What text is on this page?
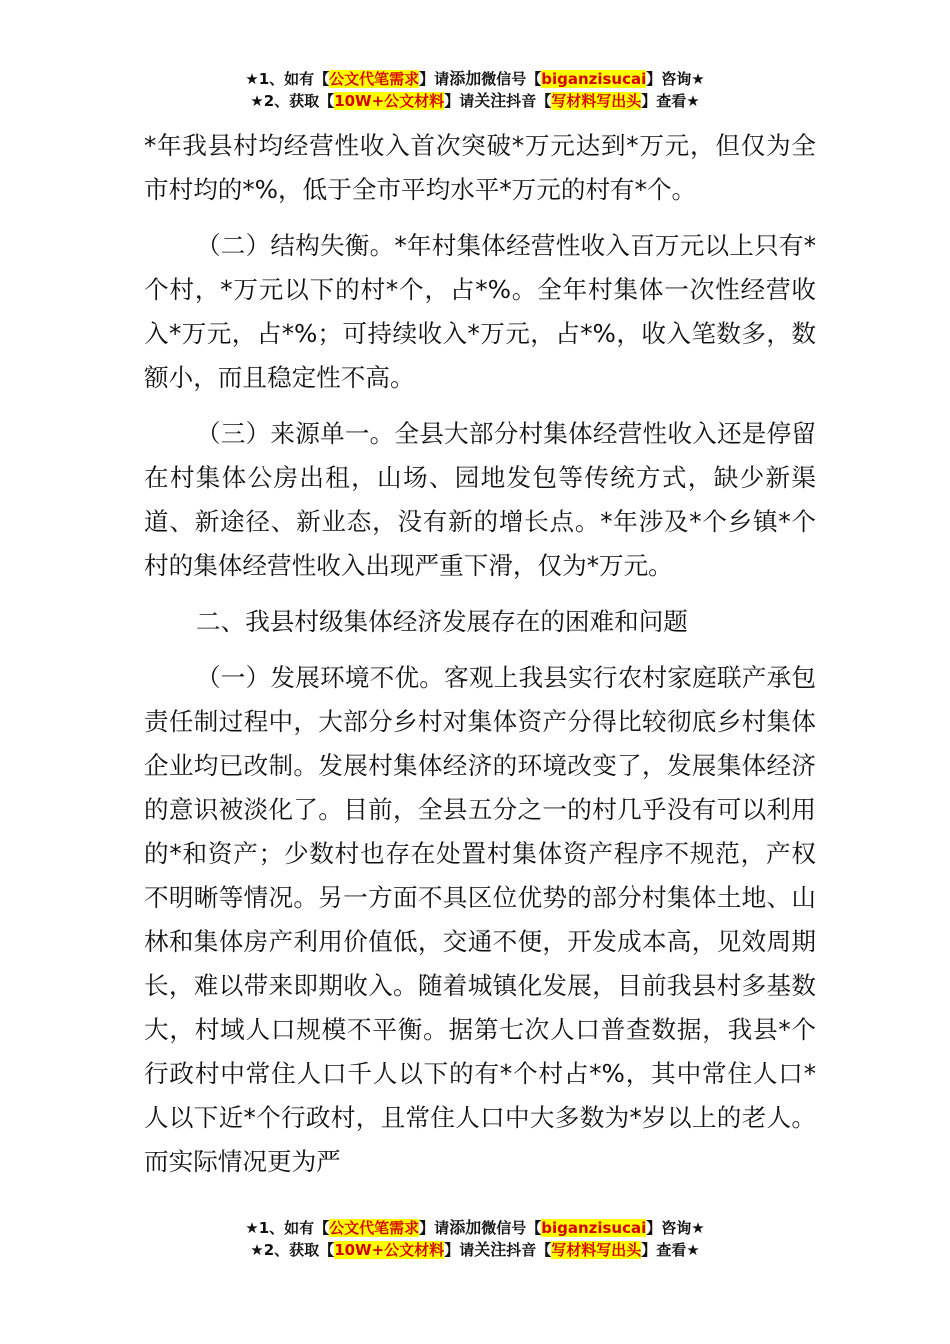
★1、如有【公文代笔需求】请添加微信号【biganzisucai】咨询★
★2、获取【10W+公文材料】请关注抖音【写材料写出头】查看★

*年我县村均经营性收入首次突破*万元达到*万元，但仅为全市村均的*%，低于全市平均水平*万元的村有*个。

（二）结构失衡。*年村集体经营性收入百万元以上只有*个村，*万元以下的村*个，占*%。全年村集体一次性经营收入*万元，占*%；可持续收入*万元，占*%，收入笔数多，数额小，而且稳定性不高。

（三）来源单一。全县大部分村集体经营性收入还是停留在村集体公房出租，山场、园地发包等传统方式，缺少新渠道、新途径、新业态，没有新的增长点。*年涉及*个乡镇*个村的集体经营性收入出现严重下滑，仅为*万元。

二、我县村级集体经济发展存在的困难和问题

（一）发展环境不优。客观上我县实行农村家庭联产承包责任制过程中，大部分乡村对集体资产分得比较彻底乡村集体企业均已改制。发展村集体经济的环境改变了，发展集体经济的意识被淡化了。目前，全县五分之一的村几乎没有可以利用的*和资产；少数村也存在处置村集体资产程序不规范，产权不明晰等情况。另一方面不具区位优势的部分村集体土地、山林和集体房产利用价值低，交通不便，开发成本高，见效周期长，难以带来即期收入。随着城镇化发展，目前我县村多基数大，村域人口规模不平衡。据第七次人口普查数据，我县*个行政村中常住人口千人以下的有*个村占*%，其中常住人口*人以下近*个行政村，且常住人口中大多数为*岁以上的老人。而实际情况更为严

★1、如有【公文代笔需求】请添加微信号【biganzisucai】咨询★
★2、获取【10W+公文材料】请关注抖音【写材料写出头】查看★
